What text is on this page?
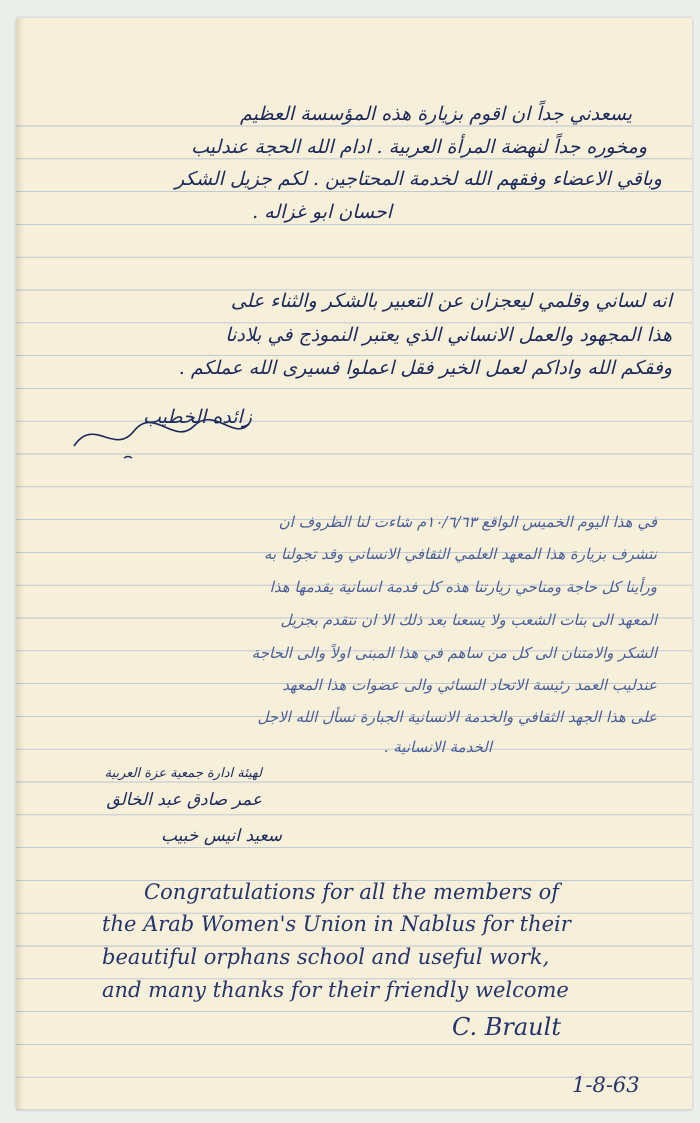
يسعدني جداً ان اقوم بزيارة هذه المؤسسة العظيم
ومخوره جداً لنهضة المرأة العربية . ادام الله الحجة عندليب
وباقي الاعضاء وفقهم الله لخدمة المحتاجين . لكم جزيل الشكر
احسان ابو غزاله .
انه لساني وقلمي ليعجزان عن التعبير بالشكر والثناء على
هذا المجهود والعمل الانساني الذي يعتبر النموذج في بلادنا
وفقكم الله واداكم لعمل الخير فقل اعملوا فسيرى الله عملكم .
زائده الخطيب
في هذا اليوم الخميس الواقع ١٠/٦/٦٣م شاءت لنا الظروف ان
نتشرف بزيارة هذا المعهد العلمي الثقافي الانساني وقد تجولنا به
ورأينا كل حاجة ومناحي زيارتنا هذه كل فدمة انسانية يقدمها هذا
المعهد الى بنات الشعب ولا يسعنا بعد ذلك الا ان نتقدم بجزيل
الشكر والامتنان الى كل من ساهم في هذا المبنى اولاً والى الحاجة
عندليب العمد رئيسة الاتحاد النسائي والى عضوات هذا المعهد
على هذا الجهد الثقافي والخدمة الانسانية الجبارة نسأل الله الاجل
الخدمة الانسانية .
لهيئة ادارة جمعية عزة العربية
عمر صادق عبد الخالق
سعيد انيس خبيب
Congratulations for all the members of
the Arab Women's Union in Nablus for their
beautiful orphans school and useful work,
and many thanks for their friendly welcome
C. Brault
1-8-63
